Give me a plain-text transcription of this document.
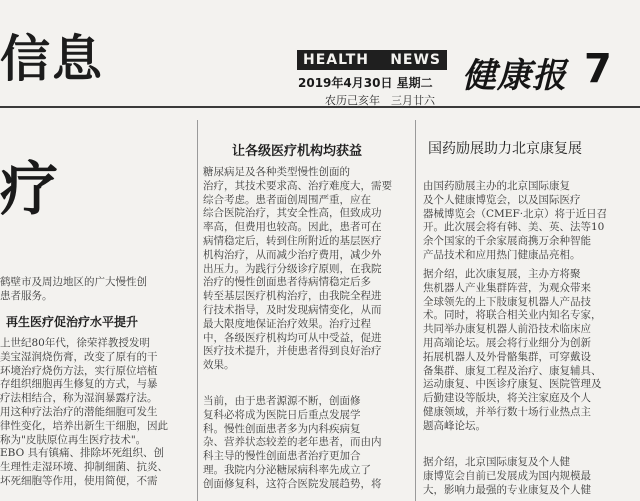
信息	HEALTH NEWS
2019年4月30日 星期二
农历己亥年　三月廿六
健康报 7
疗
鹤壁市及周边地区的广大慢性创
患者服务。
再生医疗促治疗水平提升
上世纪80年代，徐荣祥教授发明
美宝湿润烧伤膏，改变了原有的干
环境治疗烧伤方法，实行原位培植
存组织细胞再生修复的方式，与暴
疗法相结合，称为湿润暴露疗法。
用这种疗法治疗的潜能细胞可发生
律性变化，培养出新生干细胞，因此
称为"皮肤原位再生医疗技术"。
EBO 具有镇痛、排除坏死组织、创
生理性走湿环境、抑制细菌、抗炎、
坏死细胞等作用，使用简便，不需
让各级医疗机构均获益
糖尿病足及各种类型慢性创面的
治疗，其技术要求高、治疗难度大，需要
综合考虑。患者面创周围严重，应在
综合医院治疗，其安全性高，但致成功
率高，但费用也较高。因此，患者可在
病情稳定后，转到住所附近的基层医疗
机构治疗，从而减少治疗费用，减少外
出压力。为践行分级诊疗原则，在我院
治疗的慢性创面患者待病情稳定后多
转至基层医疗机构治疗，由我院全程进
行技术指导，及时发现病情变化，从而
最大限度地保证治疗效果。治疗过程
中，各级医疗机构均可从中受益，促进
医疗技术提升，并使患者得到良好治疗
效果。
当前，由于患者源源不断，创面修
复科必将成为医院日后重点发展学
科。慢性创面患者多为内科疾病复
杂、营养状态较差的老年患者，而由内
科主导的慢性创面患者治疗更加合
理。我院内分泌糖尿病科率先成立了
创面修复科，这符合医院发展趋势，将
国药励展助力北京康复展
由国药励展主办的北京国际康复
及个人健康博览会，以及国际医疗
器械博览会（CMEF·北京）将于近日召
开。此次展会将有韩、美、英、法等10
余个国家的千余家展商携万余种智能
产品技术和应用热门健康品亮相。
据介绍，此次康复展，主办方将聚
焦机器人产业集群阵营，为观众带来
全球领先的上下肢康复机器人产品技
术。同时，将联合相关业内知名专家，
共同举办康复机器人前沿技术临床应
用高端论坛。展会将行业细分为创新
拓展机器人及外骨骼集群，可穿戴设
备集群、康复工程及治疗、康复辅具、
运动康复、中医诊疗康复、医院管理及
后勤建设等版块，将关注家庭及个人
健康领域，并举行数十场行业热点主
题高峰论坛。
据介绍，北京国际康复及个人健
康博览会自前已发展成为国内规模最
大，影响力最强的专业康复及个人健
